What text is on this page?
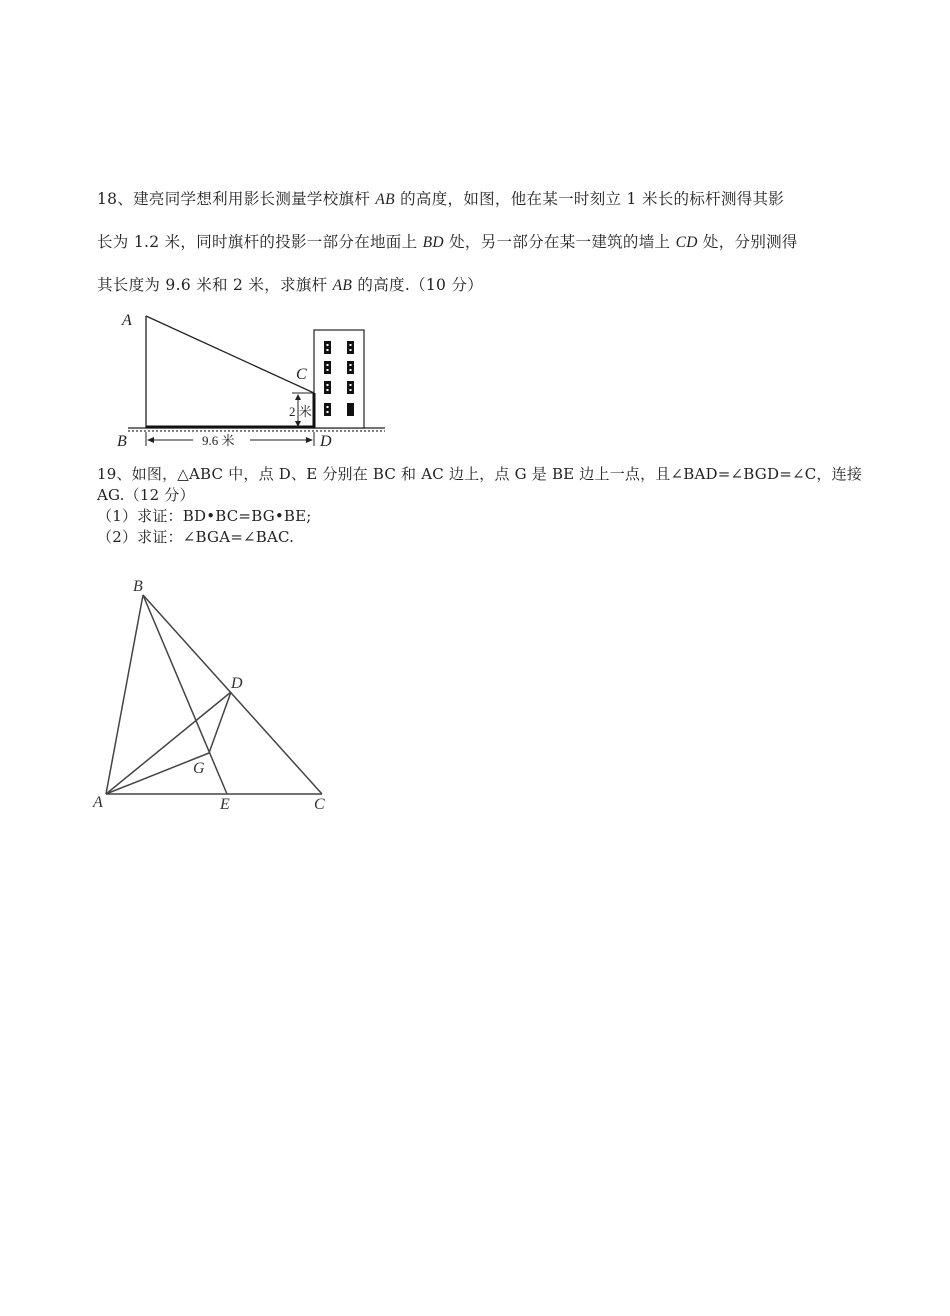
18、建亮同学想利用影长测量学校旗杆 AB 的高度，如图，他在某一时刻立 1 米长的标杆测得其影

长为 1.2 米，同时旗杆的投影一部分在地面上 BD 处，另一部分在某一建筑的墙上 CD 处，分别测得

其长度为 9.6 米和 2 米，求旗杆 AB 的高度.（10 分）

2 米
9.6 米
A
B
C
D

19、如图，△ABC 中，点 D、E 分别在 BC 和 AC 边上，点 G 是 BE 边上一点，且∠BAD=∠BGD=∠C，连接

AG.（12 分）

（1）求证：BD•BC=BG•BE;

（2）求证：∠BGA=∠BAC.

B
D
G
A	E	C
